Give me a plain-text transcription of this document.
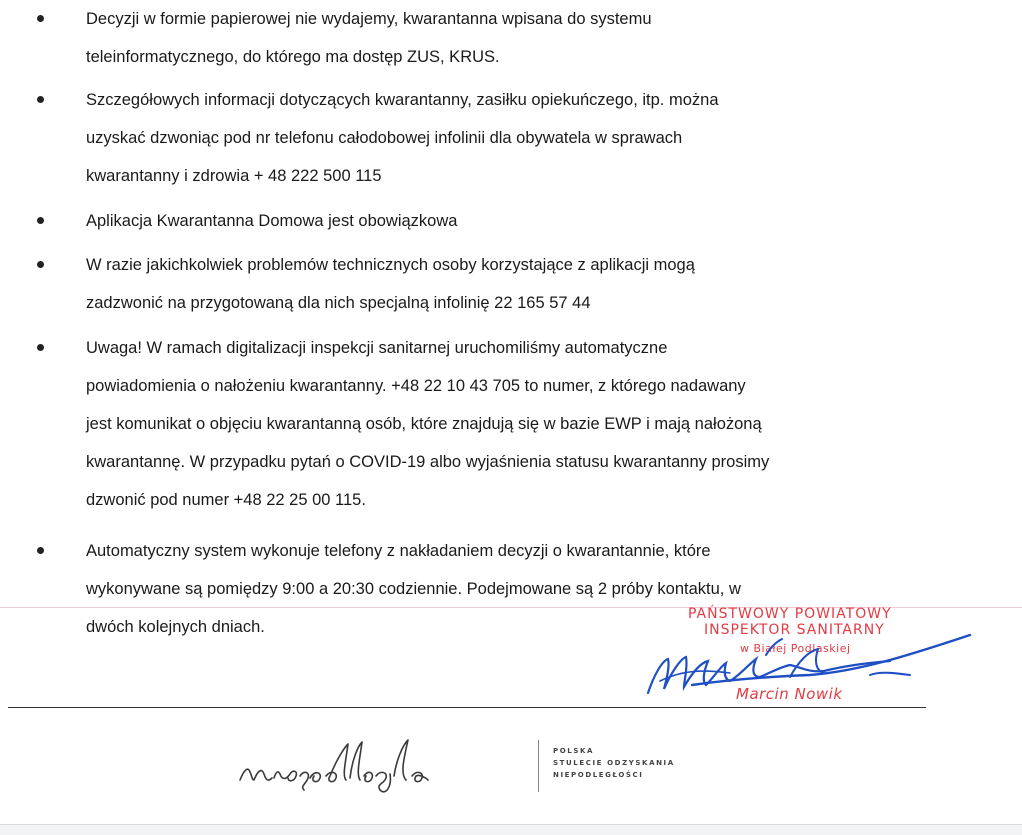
Decyzji w formie papierowej nie wydajemy, kwarantanna wpisana do systemu
teleinformatycznego, do którego ma dostęp ZUS, KRUS.
Szczegółowych informacji dotyczących kwarantanny, zasiłku opiekuńczego, itp. można
uzyskać dzwoniąc pod nr telefonu całodobowej infolinii dla obywatela w sprawach
kwarantanny i zdrowia + 48 222 500 115
Aplikacja Kwarantanna Domowa jest obowiązkowa
W razie jakichkolwiek problemów technicznych osoby korzystające z aplikacji mogą
zadzwonić na przygotowaną dla nich specjalną infolinię 22 165 57 44
Uwaga! W ramach digitalizacji inspekcji sanitarnej uruchomiliśmy automatyczne
powiadomienia o nałożeniu kwarantanny. +48 22 10 43 705 to numer, z którego nadawany
jest komunikat o objęciu kwarantanną osób, które znajdują się w bazie EWP i mają nałożoną
kwarantannę. W przypadku pytań o COVID-19 albo wyjaśnienia statusu kwarantanny prosimy
dzwonić pod numer +48 22 25 00 115.
Automatyczny system wykonuje telefony z nakładaniem decyzji o kwarantannie, które
wykonywane są pomiędzy 9:00 a 20:30 codziennie. Podejmowane są 2 próby kontaktu, w
dwóch kolejnych dniach.
PAŃSTWOWY POWIATOWY
INSPEKTOR SANITARNY
w Białej Podlaskiej
Marcin Nowik
POLSKA
STULECIE ODZYSKANIA
NIEPODLEGŁOŚCI
